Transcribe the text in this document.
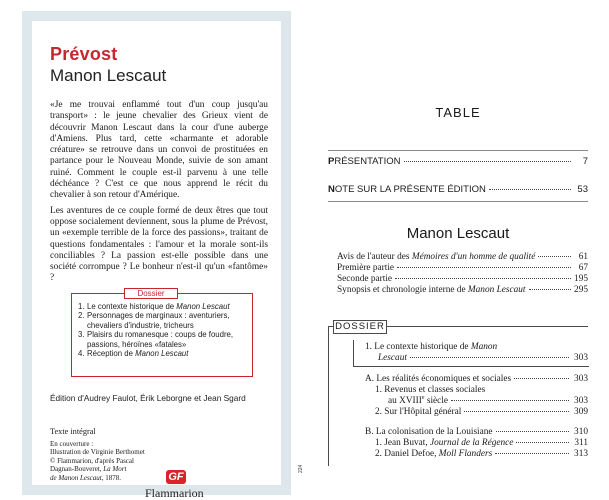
Prévost
Manon Lescaut

«Je me trouvai enflammé tout d'un coup jusqu'au transport» : le jeune chevalier des Grieux vient de découvrir Manon Lescaut dans la cour d'une auberge d'Amiens. Plus tard, cette «charmante et adorable créature» se retrouve dans un convoi de prostituées en partance pour le Nouveau Monde, suivie de son amant ruiné. Comment le couple est-il parvenu à une telle déchéance ? C'est ce que nous apprend le récit du chevalier à son retour d'Amérique.

Les aventures de ce couple formé de deux êtres que tout oppose socialement deviennent, sous la plume de Prévost, un «exemple terrible de la force des passions», traitant de questions fondamentales : l'amour et la morale sont-ils conciliables ? La passion est-elle possible dans une société corrompue ? Le bonheur n'est-il qu'un «fantôme» ?

Dossier
1. Le contexte historique de Manon Lescaut
2. Personnages de marginaux : aventuriers, chevaliers d'industrie, tricheurs
3. Plaisirs du romanesque : coups de foudre, passions, héroïnes «fatales»
4. Réception de Manon Lescaut
Édition d'Audrey Faulot, Érik Leborgne et Jean Sgard
Texte intégral
En couverture :
Illustration de Virginie Berthomet
© Flammarion, d'après Pascal
Dagnan-Bouveret, La Mort
de Manon Lescaut, 1878.	GF
Flammarion
224
TABLE
PRÉSENTATION	7
NOTE SUR LA PRÉSENTE ÉDITION	53
Manon Lescaut
Avis de l'auteur des Mémoires d'un homme de qualité	61
Première partie	67
Seconde partie	195
Synopsis et chronologie interne de Manon Lescaut	295
DOSSIER
1. Le contexte historique de Manon
Lescaut	303
A. Les réalités économiques et sociales	303
1. Revenus et classes sociales
au XVIIIe siècle	303
2. Sur l'Hôpital général	309
B. La colonisation de la Louisiane	310
1. Jean Buvat, Journal de la Régence	311
2. Daniel Defoe, Moll Flanders	313
